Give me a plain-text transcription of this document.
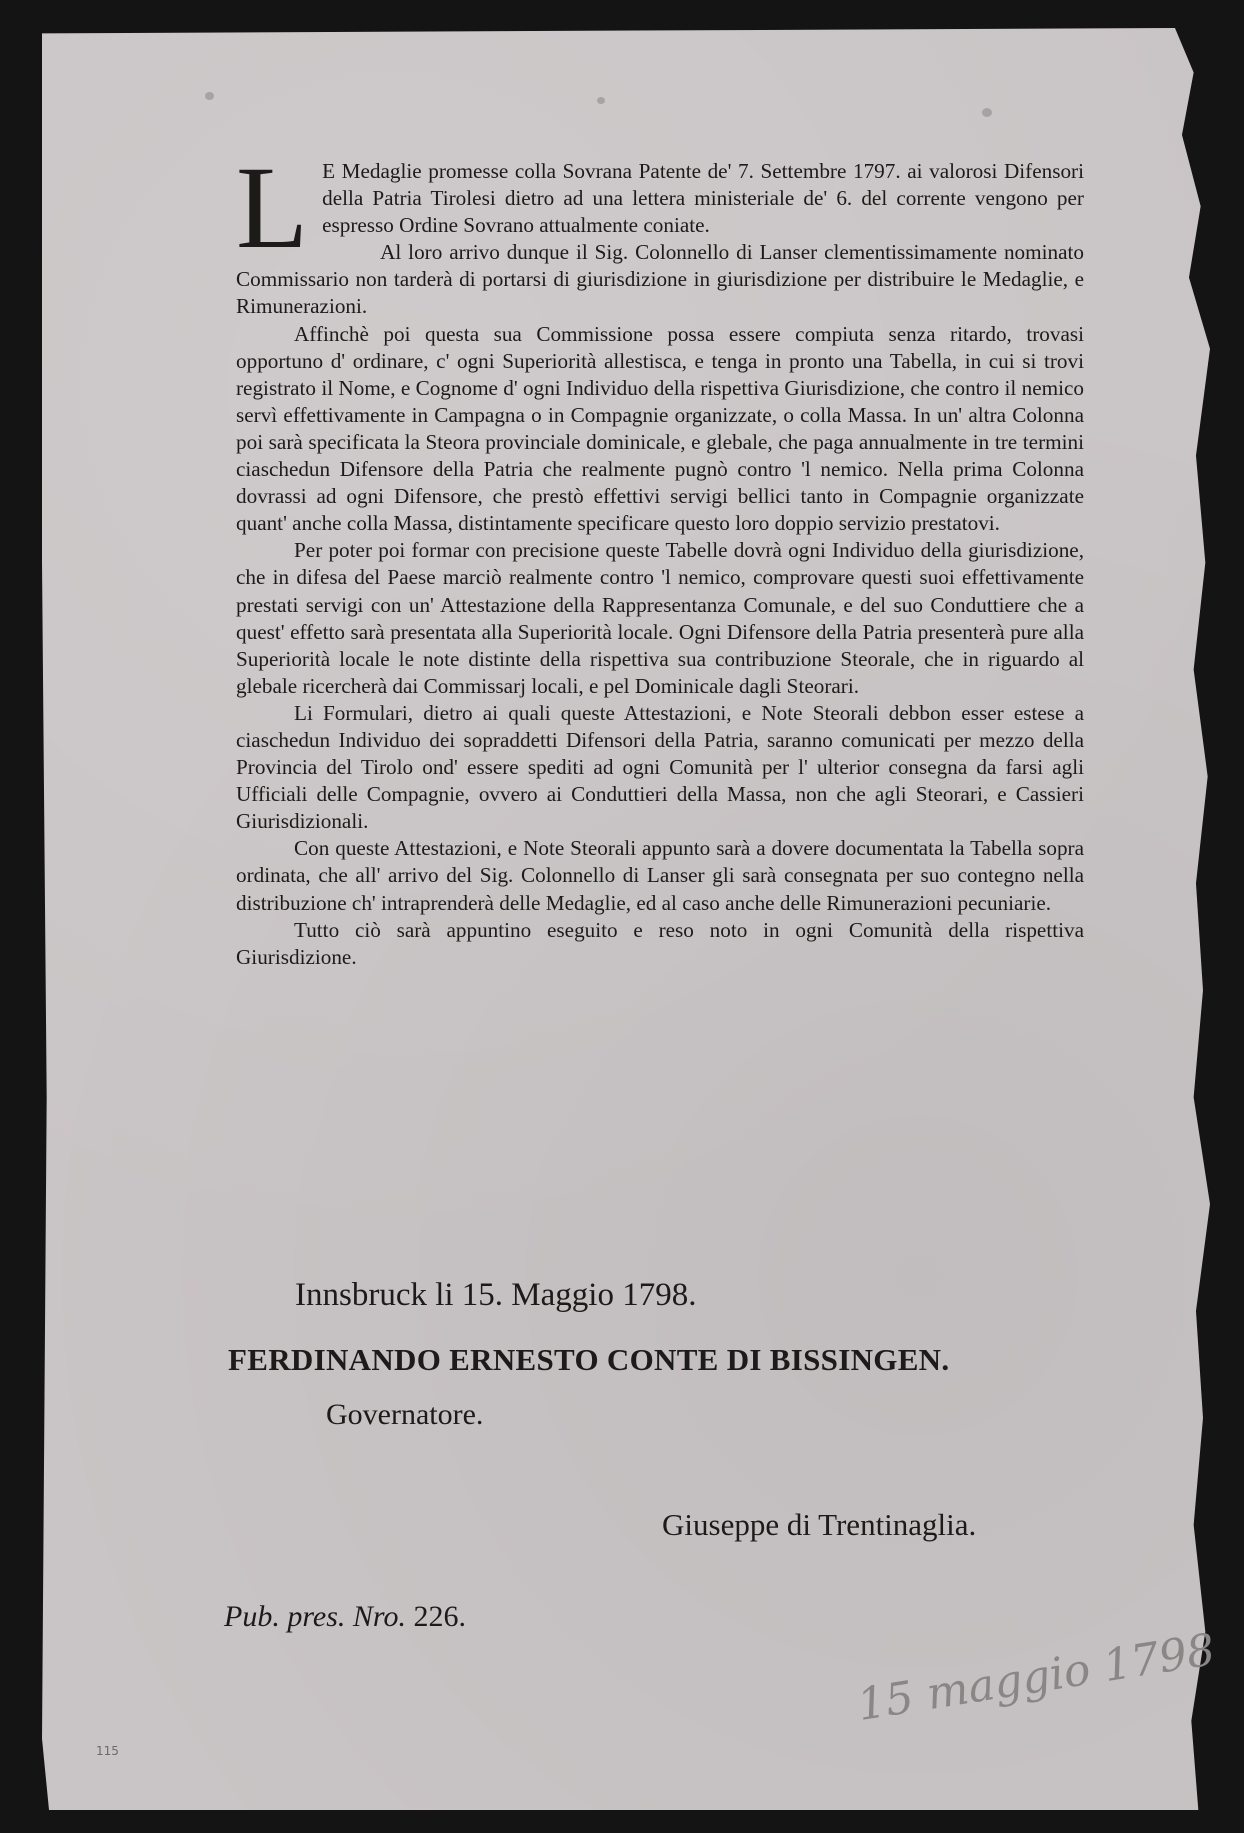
L E Medaglie promesse colla Sovrana Patente de' 7. Settembre 1797. ai valorosi Difensori della Patria Tirolesi dietro ad una lettera ministeriale de' 6. del corrente vengono per espresso Ordine Sovrano attualmente coniate.

Al loro arrivo dunque il Sig. Colonnello di Lanser clementissimamente nominato Commissario non tarderà di portarsi di giurisdizione in giurisdizione per distribuire le Medaglie, e Rimunerazioni.

Affinchè poi questa sua Commissione possa essere compiuta senza ritardo, trovasi opportuno d' ordinare, c' ogni Superiorità allestisca, e tenga in pronto una Tabella, in cui si trovi registrato il Nome, e Cognome d' ogni Individuo della rispettiva Giurisdizione, che contro il nemico servì effettivamente in Campagna o in Compagnie organizzate, o colla Massa. In un' altra Colonna poi sarà specificata la Steora provinciale dominicale, e glebale, che paga annualmente in tre termini ciaschedun Difensore della Patria che realmente pugnò contro 'l nemico. Nella prima Colonna dovrassi ad ogni Difensore, che prestò effettivi servigi bellici tanto in Compagnie organizzate quant' anche colla Massa, distintamente specificare questo loro doppio servizio prestatovi.

Per poter poi formar con precisione queste Tabelle dovrà ogni Individuo della giurisdizione, che in difesa del Paese marciò realmente contro 'l nemico, comprovare questi suoi effettivamente prestati servigi con un' Attestazione della Rappresentanza Comunale, e del suo Conduttiere che a quest' effetto sarà presentata alla Superiorità locale. Ogni Difensore della Patria presenterà pure alla Superiorità locale le note distinte della rispettiva sua contribuzione Steorale, che in riguardo al glebale ricercherà dai Commissarj locali, e pel Dominicale dagli Steorari.

Li Formulari, dietro ai quali queste Attestazioni, e Note Steorali debbon esser estese a ciaschedun Individuo dei sopraddetti Difensori della Patria, saranno comunicati per mezzo della Provincia del Tirolo ond' essere spediti ad ogni Comunità per l' ulterior consegna da farsi agli Ufficiali delle Compagnie, ovvero ai Conduttieri della Massa, non che agli Steorari, e Cassieri Giurisdizionali.

Con queste Attestazioni, e Note Steorali appunto sarà a dovere documentata la Tabella sopra ordinata, che all' arrivo del Sig. Colonnello di Lanser gli sarà consegnata per suo contegno nella distribuzione ch' intraprenderà delle Medaglie, ed al caso anche delle Rimunerazioni pecuniarie.

Tutto ciò sarà appuntino eseguito e reso noto in ogni Comunità della rispettiva Giurisdizione.

Innsbruck li 15. Maggio 1798.
FERDINANDO ERNESTO CONTE DI BISSINGEN.
Governatore.
Giuseppe di Trentinaglia.
Pub. pres. Nro. 226.
115
15 maggio 1798
